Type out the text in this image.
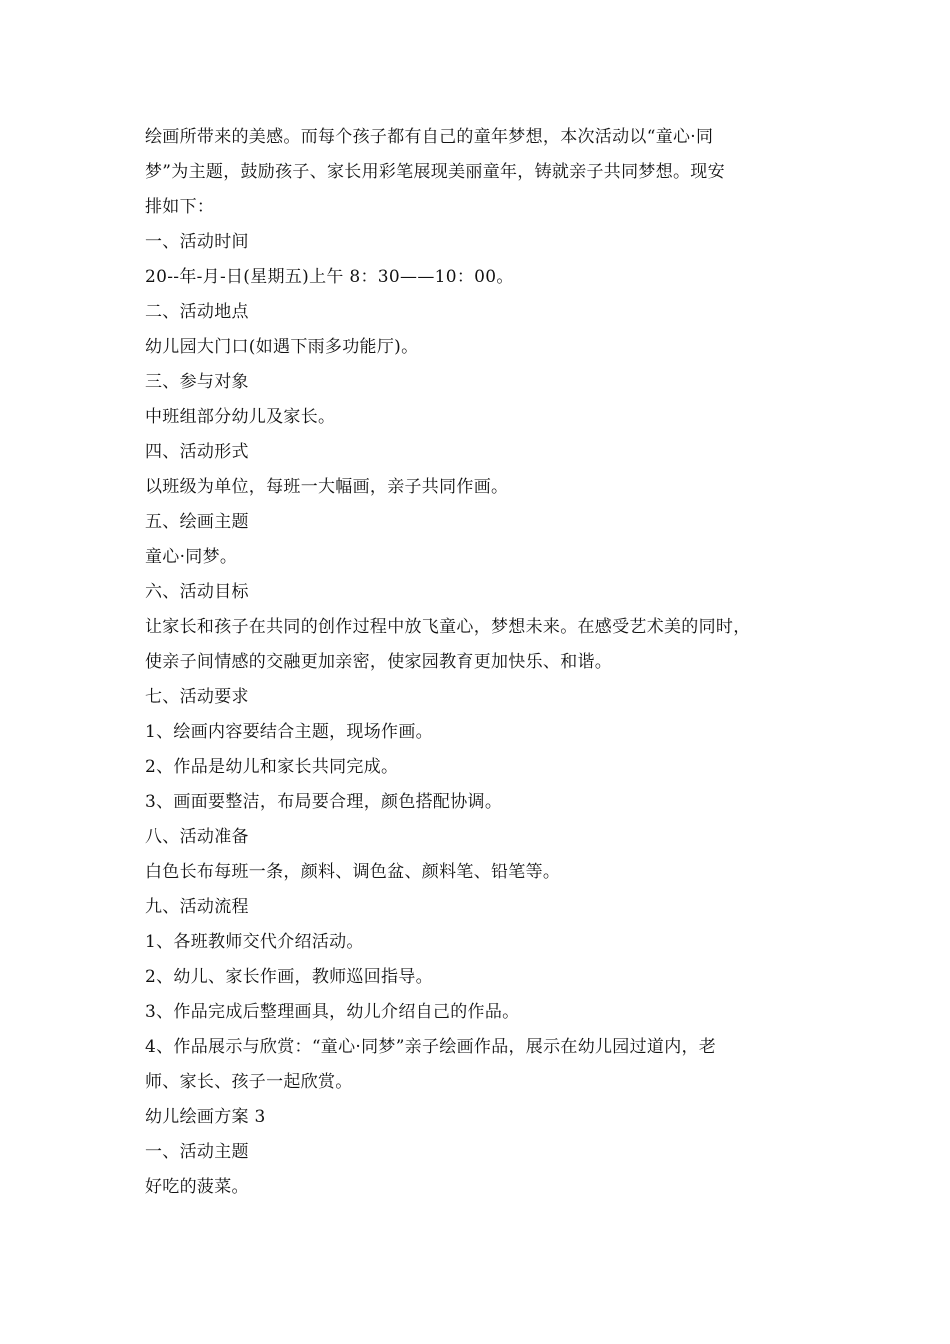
绘画所带来的美感。而每个孩子都有自己的童年梦想，本次活动以“童心·同
梦”为主题，鼓励孩子、家长用彩笔展现美丽童年，铸就亲子共同梦想。现安
排如下：
一、活动时间
20--年-月-日(星期五)上午 8：30——10：00。
二、活动地点
幼儿园大门口(如遇下雨多功能厅)。
三、参与对象
中班组部分幼儿及家长。
四、活动形式
以班级为单位，每班一大幅画，亲子共同作画。
五、绘画主题
童心·同梦。
六、活动目标
让家长和孩子在共同的创作过程中放飞童心，梦想未来。在感受艺术美的同时，
使亲子间情感的交融更加亲密，使家园教育更加快乐、和谐。
七、活动要求
1、绘画内容要结合主题，现场作画。
2、作品是幼儿和家长共同完成。
3、画面要整洁，布局要合理，颜色搭配协调。
八、活动准备
白色长布每班一条，颜料、调色盆、颜料笔、铅笔等。
九、活动流程
1、各班教师交代介绍活动。
2、幼儿、家长作画，教师巡回指导。
3、作品完成后整理画具，幼儿介绍自己的作品。
4、作品展示与欣赏：“童心·同梦”亲子绘画作品，展示在幼儿园过道内，老
师、家长、孩子一起欣赏。
幼儿绘画方案 3
一、活动主题
好吃的菠菜。
